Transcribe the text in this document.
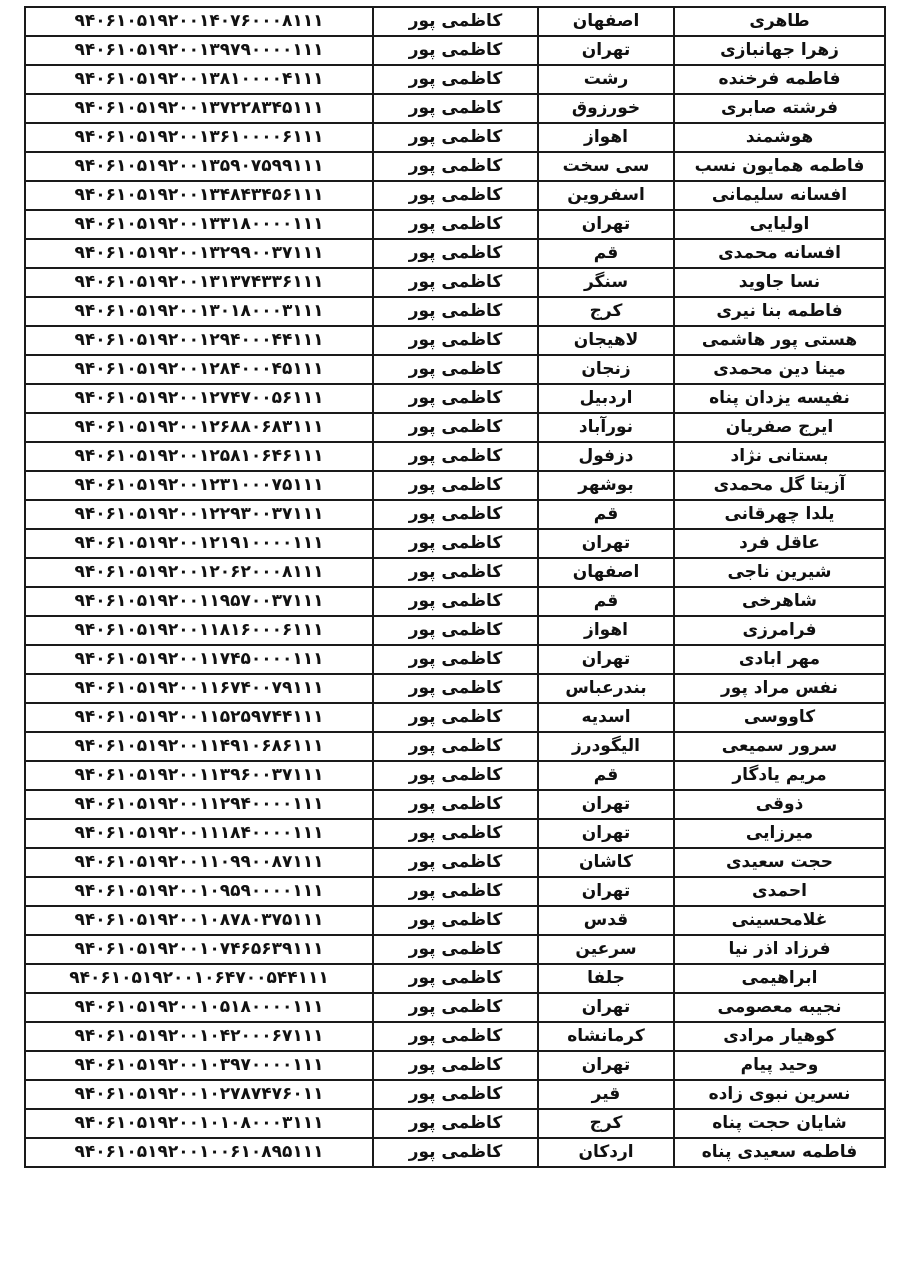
۹۴۰۶۱۰۵۱۹۲۰۰۱۴۰۷۶۰۰۰۸۱۱۱	کاظمی پور	اصفهان	طاهری
۹۴۰۶۱۰۵۱۹۲۰۰۱۳۹۷۹۰۰۰۰۱۱۱	کاظمی پور	تهران	زهرا جهانبازی
۹۴۰۶۱۰۵۱۹۲۰۰۱۳۸۱۰۰۰۰۴۱۱۱	کاظمی پور	رشت	فاطمه فرخنده
۹۴۰۶۱۰۵۱۹۲۰۰۱۳۷۲۲۸۳۴۵۱۱۱	کاظمی پور	خورزوق	فرشته صابری
۹۴۰۶۱۰۵۱۹۲۰۰۱۳۶۱۰۰۰۰۶۱۱۱	کاظمی پور	اهواز	هوشمند
۹۴۰۶۱۰۵۱۹۲۰۰۱۳۵۹۰۷۵۹۹۱۱۱	کاظمی پور	سی سخت	فاطمه همایون نسب
۹۴۰۶۱۰۵۱۹۲۰۰۱۳۴۸۴۳۴۵۶۱۱۱	کاظمی پور	اسفروین	افسانه سلیمانی
۹۴۰۶۱۰۵۱۹۲۰۰۱۳۳۱۸۰۰۰۰۱۱۱	کاظمی پور	تهران	اولیایی
۹۴۰۶۱۰۵۱۹۲۰۰۱۳۲۹۹۰۰۳۷۱۱۱	کاظمی پور	قم	افسانه محمدی
۹۴۰۶۱۰۵۱۹۲۰۰۱۳۱۳۷۴۳۳۶۱۱۱	کاظمی پور	سنگر	نسا جاوید
۹۴۰۶۱۰۵۱۹۲۰۰۱۳۰۱۸۰۰۰۳۱۱۱	کاظمی پور	کرج	فاطمه بنا نیری
۹۴۰۶۱۰۵۱۹۲۰۰۱۲۹۴۰۰۰۴۴۱۱۱	کاظمی پور	لاهیجان	هستی پور هاشمی
۹۴۰۶۱۰۵۱۹۲۰۰۱۲۸۴۰۰۰۴۵۱۱۱	کاظمی پور	زنجان	مینا دین محمدی
۹۴۰۶۱۰۵۱۹۲۰۰۱۲۷۴۷۰۰۵۶۱۱۱	کاظمی پور	اردبیل	نفیسه یزدان پناه
۹۴۰۶۱۰۵۱۹۲۰۰۱۲۶۸۸۰۶۸۳۱۱۱	کاظمی پور	نورآباد	ایرج صفریان
۹۴۰۶۱۰۵۱۹۲۰۰۱۲۵۸۱۰۶۴۶۱۱۱	کاظمی پور	دزفول	بستانی نژاد
۹۴۰۶۱۰۵۱۹۲۰۰۱۲۳۱۰۰۰۷۵۱۱۱	کاظمی پور	بوشهر	آزیتا گل محمدی
۹۴۰۶۱۰۵۱۹۲۰۰۱۲۲۹۳۰۰۳۷۱۱۱	کاظمی پور	قم	یلدا چهرقانی
۹۴۰۶۱۰۵۱۹۲۰۰۱۲۱۹۱۰۰۰۰۱۱۱	کاظمی پور	تهران	عاقل فرد
۹۴۰۶۱۰۵۱۹۲۰۰۱۲۰۶۲۰۰۰۸۱۱۱	کاظمی پور	اصفهان	شیرین ناجی
۹۴۰۶۱۰۵۱۹۲۰۰۱۱۹۵۷۰۰۳۷۱۱۱	کاظمی پور	قم	شاهرخی
۹۴۰۶۱۰۵۱۹۲۰۰۱۱۸۱۶۰۰۰۶۱۱۱	کاظمی پور	اهواز	فرامرزی
۹۴۰۶۱۰۵۱۹۲۰۰۱۱۷۴۵۰۰۰۰۱۱۱	کاظمی پور	تهران	مهر ابادی
۹۴۰۶۱۰۵۱۹۲۰۰۱۱۶۷۴۰۰۷۹۱۱۱	کاظمی پور	بندرعباس	نفس مراد پور
۹۴۰۶۱۰۵۱۹۲۰۰۱۱۵۲۵۹۷۴۴۱۱۱	کاظمی پور	اسدیه	کاووسی
۹۴۰۶۱۰۵۱۹۲۰۰۱۱۴۹۱۰۶۸۶۱۱۱	کاظمی پور	الیگودرز	سرور سمیعی
۹۴۰۶۱۰۵۱۹۲۰۰۱۱۳۹۶۰۰۳۷۱۱۱	کاظمی پور	قم	مریم یادگار
۹۴۰۶۱۰۵۱۹۲۰۰۱۱۲۹۴۰۰۰۰۱۱۱	کاظمی پور	تهران	ذوقی
۹۴۰۶۱۰۵۱۹۲۰۰۱۱۱۸۴۰۰۰۰۱۱۱	کاظمی پور	تهران	میرزایی
۹۴۰۶۱۰۵۱۹۲۰۰۱۱۰۹۹۰۰۸۷۱۱۱	کاظمی پور	کاشان	حجت سعیدی
۹۴۰۶۱۰۵۱۹۲۰۰۱۰۹۵۹۰۰۰۰۱۱۱	کاظمی پور	تهران	احمدی
۹۴۰۶۱۰۵۱۹۲۰۰۱۰۸۷۸۰۳۷۵۱۱۱	کاظمی پور	قدس	غلامحسینی
۹۴۰۶۱۰۵۱۹۲۰۰۱۰۷۴۶۵۶۳۹۱۱۱	کاظمی پور	سرعین	فرزاد اذر نیا
۹۴۰۶۱۰۵۱۹۲۰۰۱۰۶۴۷۰۰۵۴۴۱۱۱	کاظمی پور	جلفا	ابراهیمی
۹۴۰۶۱۰۵۱۹۲۰۰۱۰۵۱۸۰۰۰۰۱۱۱	کاظمی پور	تهران	نجیبه معصومی
۹۴۰۶۱۰۵۱۹۲۰۰۱۰۴۲۰۰۰۶۷۱۱۱	کاظمی پور	کرمانشاه	کوهیار مرادی
۹۴۰۶۱۰۵۱۹۲۰۰۱۰۳۹۷۰۰۰۰۱۱۱	کاظمی پور	تهران	وحید پیام
۹۴۰۶۱۰۵۱۹۲۰۰۱۰۲۷۸۷۴۷۶۰۱۱	کاظمی پور	قیر	نسرین نبوی زاده
۹۴۰۶۱۰۵۱۹۲۰۰۱۰۱۰۸۰۰۰۳۱۱۱	کاظمی پور	کرج	شایان حجت پناه
۹۴۰۶۱۰۵۱۹۲۰۰۱۰۰۶۱۰۸۹۵۱۱۱	کاظمی پور	اردکان	فاطمه سعیدی پناه
